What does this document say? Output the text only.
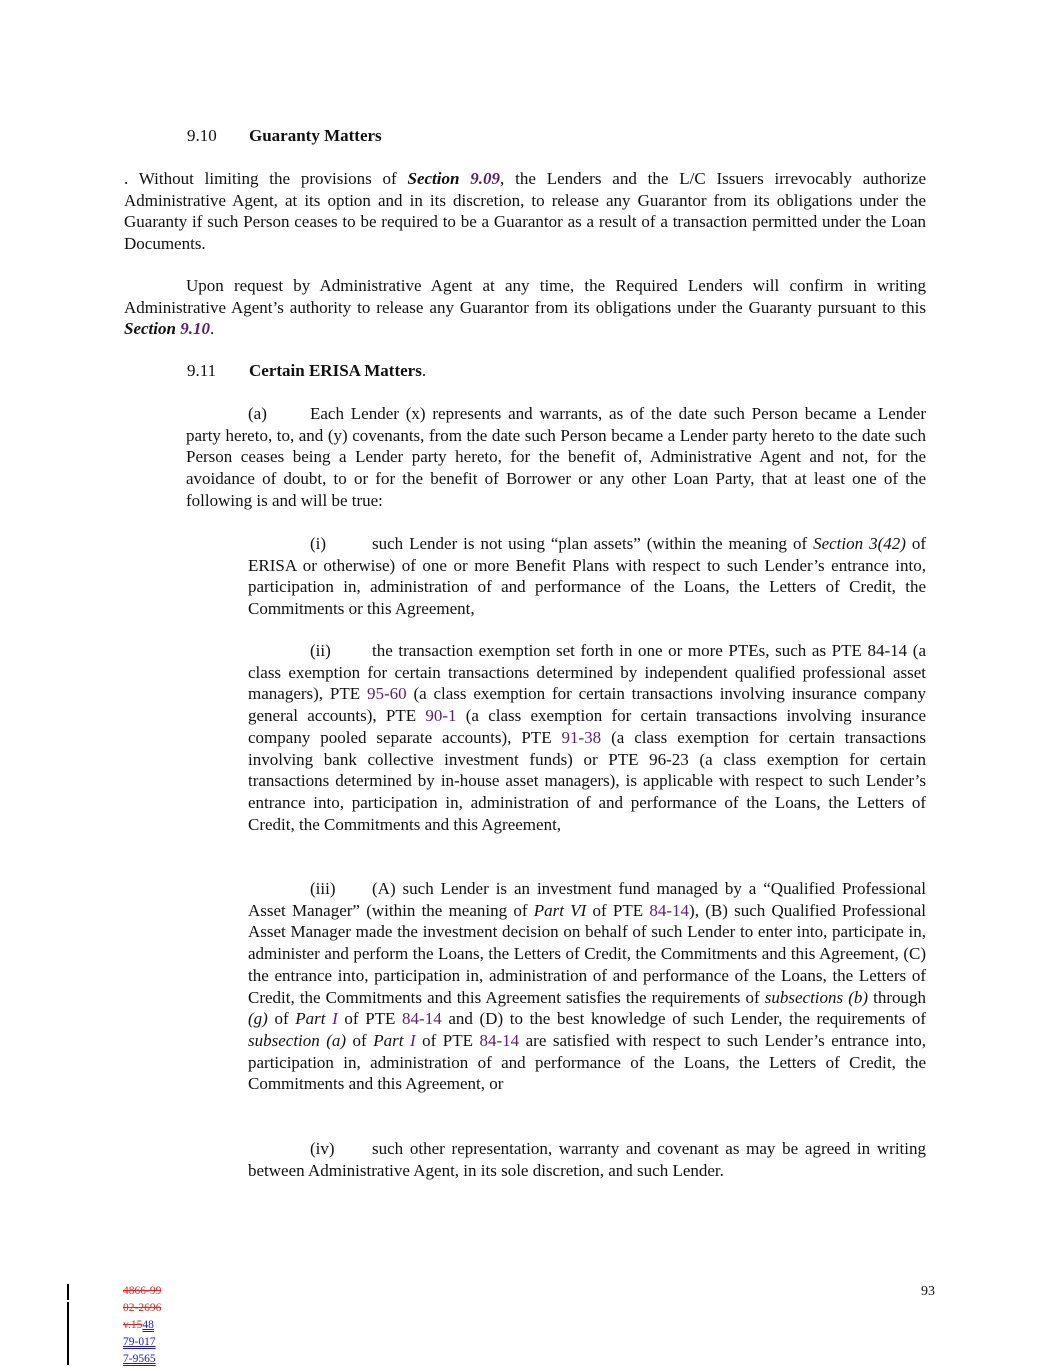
9.10 Guaranty Matters

. Without limiting the provisions of Section 9.09, the Lenders and the L/C Issuers irrevocably authorize Administrative Agent, at its option and in its discretion, to release any Guarantor from its obligations under the Guaranty if such Person ceases to be required to be a Guarantor as a result of a transaction permitted under the Loan Documents.

Upon request by Administrative Agent at any time, the Required Lenders will confirm in writing Administrative Agent’s authority to release any Guarantor from its obligations under the Guaranty pursuant to this Section 9.10.

9.11 Certain ERISA Matters.

(a)	Each Lender (x) represents and warrants, as of the date such Person became a Lender party hereto, to, and (y) covenants, from the date such Person became a Lender party hereto to the date such Person ceases being a Lender party hereto, for the benefit of, Administrative Agent and not, for the avoidance of doubt, to or for the benefit of Borrower or any other Loan Party, that at least one of the following is and will be true:

(i)	such Lender is not using “plan assets” (within the meaning of Section 3(42) of ERISA or otherwise) of one or more Benefit Plans with respect to such Lender’s entrance into, participation in, administration of and performance of the Loans, the Letters of Credit, the Commitments or this Agreement,

(ii) the transaction exemption set forth in one or more PTEs, such as PTE 84-14 (a class exemption for certain transactions determined by independent qualified professional asset managers), PTE 95-60 (a class exemption for certain transactions involving insurance company general accounts), PTE 90-1 (a class exemption for certain transactions involving insurance company pooled separate accounts), PTE 91-38 (a class exemption for certain transactions involving bank collective investment funds) or PTE 96-23 (a class exemption for certain transactions determined by in-house asset managers), is applicable with respect to such Lender’s entrance into, participation in, administration of and performance of the Loans, the Letters of Credit, the Commitments and this Agreement,

(iii) (A) such Lender is an investment fund managed by a “Qualified Professional Asset Manager” (within the meaning of Part VI of PTE 84-14), (B) such Qualified Professional Asset Manager made the investment decision on behalf of such Lender to enter into, participate in, administer and perform the Loans, the Letters of Credit, the Commitments and this Agreement, (C) the entrance into, participation in, administration of and performance of the Loans, the Letters of Credit, the Commitments and this Agreement satisfies the requirements of subsections (b) through (g) of Part I of PTE 84-14 and (D) to the best knowledge of such Lender, the requirements of subsection (a) of Part I of PTE 84-14 are satisfied with respect to such Lender’s entrance into, participation in, administration of and performance of the Loans, the Letters of Credit, the Commitments and this Agreement, or

(iv) such other representation, warranty and covenant as may be agreed in writing between Administrative Agent, in its sole discretion, and such Lender.

93
4866-99
02-2696
v.1548
79-017
7-9565
